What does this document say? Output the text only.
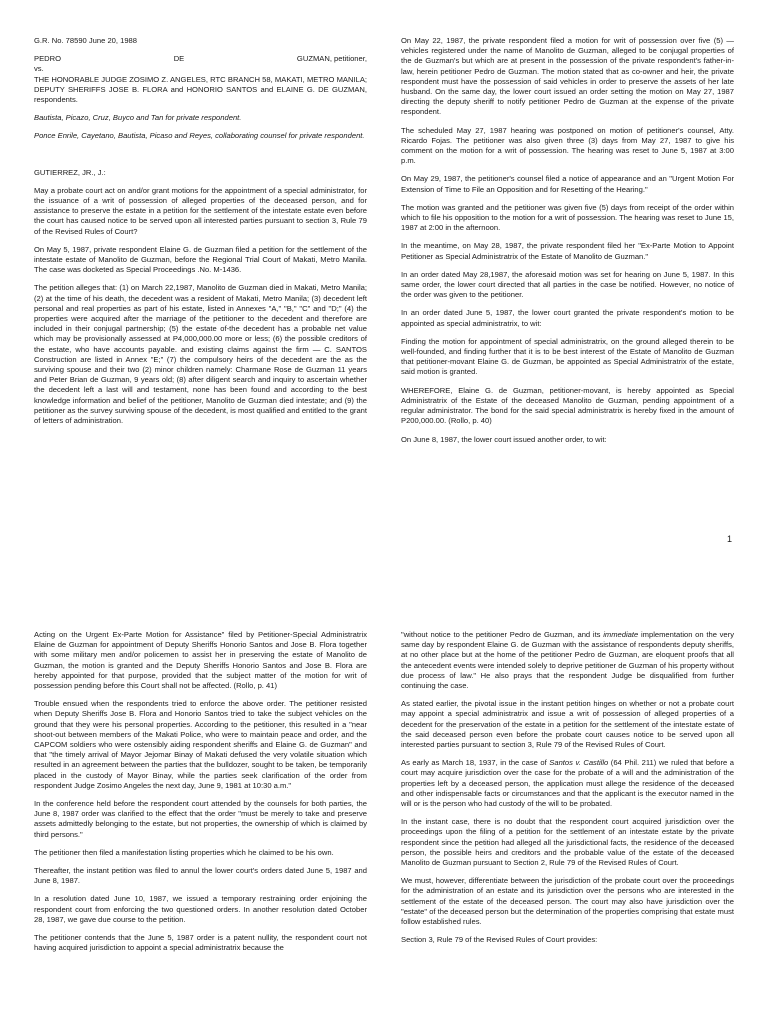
G.R. No. 78590 June 20, 1988

PEDRO	DE	GUZMAN, petitioner,
vs.

THE HONORABLE JUDGE ZOSIMO Z. ANGELES, RTC BRANCH 58, MAKATI, METRO MANILA; DEPUTY SHERIFFS JOSE B. FLORA and HONORIO SANTOS and ELAINE G. DE GUZMAN, respondents.

Bautista, Picazo, Cruz, Buyco and Tan for private respondent.

Ponce Enrile, Cayetano, Bautista, Picaso and Reyes, collaborating counsel for private respondent.

GUTIERREZ, JR., J.:

May a probate court act on and/or grant motions for the appointment of a special administrator, for the issuance of a writ of possession of alleged properties of the deceased person, and for assistance to preserve the estate in a petition for the settlement of the intestate estate even before the court has caused notice to be served upon all interested parties pursuant to section 3, Rule 79 of the Revised Rules of Court?

On May 5, 1987, private respondent Elaine G. de Guzman filed a petition for the settlement of the intestate estate of Manolito de Guzman, before the Regional Trial Court of Makati, Metro Manila. The case was docketed as Special Proceedings .No. M-1436.

The petition alleges that: (1) on March 22,1987, Manolito de Guzman died in Makati, Metro Manila; (2) at the time of his death, the decedent was a resident of Makati, Metro Manila; (3) decedent left personal and real properties as part of his estate, listed in Annexes "A," "B," "C" and "D;" (4) the properties were acquired after the marriage of the petitioner to the decedent and therefore are included in their conjugal partnership; (5) the estate of-the decedent has a probable net value which may be provisionally assessed at P4,000,000.00 more or less; (6) the possible creditors of the estate, who have accounts payable. and existing claims against the firm — C. SANTOS Construction are listed in Annex "E;" (7) the compulsory heirs of the decedent are the as the surviving spouse and their two (2) minor children namely: Charmane Rose de Guzman 11 years and Peter Brian de Guzman, 9 years old; (8) after diligent search and inquiry to ascertain whether the decedent left a last will and testament, none has been found and according to the best knowledge information and belief of the petitioner, Manolito de Guzman died intestate; and (9) the petitioner as the survey surviving spouse of the decedent, is most qualified and entitled to the grant of letters of administration.

On May 22, 1987, the private respondent filed a motion for writ of possession over five (5) — vehicles registered under the name of Manolito de Guzman, alleged to be conjugal properties of the de Guzman's but which are at present in the possession of the private respondent's father-in- law, herein petitioner Pedro de Guzman. The motion stated that as co-owner and heir, the private respondent must have the possession of said vehicles in order to preserve the assets of her late husband. On the same day, the lower court issued an order setting the motion on May 27, 1987 directing the deputy sheriff to notify petitioner Pedro de Guzman at the expense of the private respondent.

The scheduled May 27, 1987 hearing was postponed on motion of petitioner's counsel, Atty. Ricardo Fojas. The petitioner was also given three (3) days from May 27, 1987 to give his comment on the motion for a writ of possession. The hearing was reset to June 5, 1987 at 3:00 p.m.

On May 29, 1987, the petitioner's counsel filed a notice of appearance and an "Urgent Motion For Extension of Time to File an Opposition and for Resetting of the Hearing."

The motion was granted and the petitioner was given five (5) days from receipt of the order within which to file his opposition to the motion for a writ of possession. The hearing was reset to June 15, 1987 at 2:00 in the afternoon.

In the meantime, on May 28, 1987, the private respondent filed her "Ex-Parte Motion to Appoint Petitioner as Special Administratrix of the Estate of Manolito de Guzman."

In an order dated May 28,1987, the aforesaid motion was set for hearing on June 5, 1987. In this same order, the lower court directed that all parties in the case be notified. However, no notice of the order was given to the petitioner.

In an order dated June 5, 1987, the lower court granted the private respondent's motion to be appointed as special administratrix, to wit:

Finding the motion for appointment of special administratrix, on the ground alleged therein to be well-founded, and finding further that it is to be best interest of the Estate of Manolito de Guzman that petitioner-movant Elaine G. de Guzman, be appointed as Special Administratrix of the estate, said motion is granted.

WHEREFORE, Elaine G. de Guzman, petitioner-movant, is hereby appointed as Special Administratrix of the Estate of the deceased Manolito de Guzman, pending appointment of a regular administrator. The bond for the said special administratrix is hereby fixed in the amount of P200,000.00. (Rollo, p. 40)

On June 8, 1987, the lower court issued another order, to wit:

1

Acting on the Urgent Ex-Parte Motion for Assistance" filed by Petitioner-Special Administratrix Elaine de Guzman for appointment of Deputy Sheriffs Honorio Santos and Jose B. Flora together with some military men and/or policemen to assist her in preserving the estate of Manolito de Guzman, the motion is granted and the Deputy Sheriffs Honorio Santos and Jose B. Flora are hereby appointed for that purpose, provided that the subject matter of the motion for writ of possession pending before this Court shall not be affected. (Rollo, p. 41)

Trouble ensued when the respondents tried to enforce the above order. The petitioner resisted when Deputy Sheriffs Jose B. Flora and Honorio Santos tried to take the subject vehicles on the ground that they were his personal properties. According to the petitioner, this resulted in a "near shoot-out between members of the Makati Police, who were to maintain peace and order, and the CAPCOM soldiers who were ostensibly aiding respondent sheriffs and Elaine G. de Guzman" and that "the timely arrival of Mayor Jejomar Binay of Makati defused the very volatile situation which resulted in an agreement between the parties that the bulldozer, sought to be taken, be temporarily placed in the custody of Mayor Binay, while the parties seek clarification of the order from respondent Judge Zosimo Angeles the next day, June 9, 1981 at 10:30 a.m."

In the conference held before the respondent court attended by the counsels for both parties, the June 8, 1987 order was clarified to the effect that the order "must be merely to take and preserve assets admittedly belonging to the estate, but not properties, the ownership of which is claimed by third persons."

The petitioner then filed a manifestation listing properties which he claimed to be his own.

Thereafter, the instant petition was filed to annul the lower court's orders dated June 5, 1987 and June 8, 1987.

In a resolution dated June 10, 1987, we issued a temporary restraining order enjoining the respondent court from enforcing the two questioned orders. In another resolution dated October 28, 1987, we gave due course to the petition.

The petitioner contends that the June 5, 1987 order is a patent nullity, the respondent court not having acquired jurisdiction to appoint a special administratrix because the

"without notice to the petitioner Pedro de Guzman, and its immediate implementation on the very same day by respondent Elaine G. de Guzman with the assistance of respondents deputy sheriffs, at no other place but at the home of the petitioner Pedro de Guzman, are eloquent proofs that all the antecedent events were intended solely to deprive petitioner de Guzman of his property without due process of law." He also prays that the respondent Judge be disqualified from further continuing the case.

As stated earlier, the pivotal issue in the instant petition hinges on whether or not a probate court may appoint a special administratrix and issue a writ of possession of alleged properties of a decedent for the preservation of the estate in a petition for the settlement of the intestate estate of the said deceased person even before the probate court causes notice to be served upon all interested parties pursuant to section 3, Rule 79 of the Revised Rules of Court.

As early as March 18, 1937, in the case of Santos v. Castillo (64 Phil. 211) we ruled that before a court may acquire jurisdiction over the case for the probate of a will and the administration of the properties left by a deceased person, the application must allege the residence of the deceased and other indispensable facts or circumstances and that the applicant is the executor named in the will or is the person who had custody of the will to be probated.

In the instant case, there is no doubt that the respondent court acquired jurisdiction over the proceedings upon the filing of a petition for the settlement of an intestate estate by the private respondent since the petition had alleged all the jurisdictional facts, the residence of the deceased person, the possible heirs and creditors and the probable value of the estate of the deceased Manolito de Guzman pursuant to Section 2, Rule 79 of the Revised Rules of Court.

We must, however, differentiate between the jurisdiction of the probate court over the proceedings for the administration of an estate and its jurisdiction over the persons who are interested in the settlement of the estate of the deceased person. The court may also have jurisdiction over the "estate" of the deceased person but the determination of the properties comprising that estate must follow established rules.

Section 3, Rule 79 of the Revised Rules of Court provides:
